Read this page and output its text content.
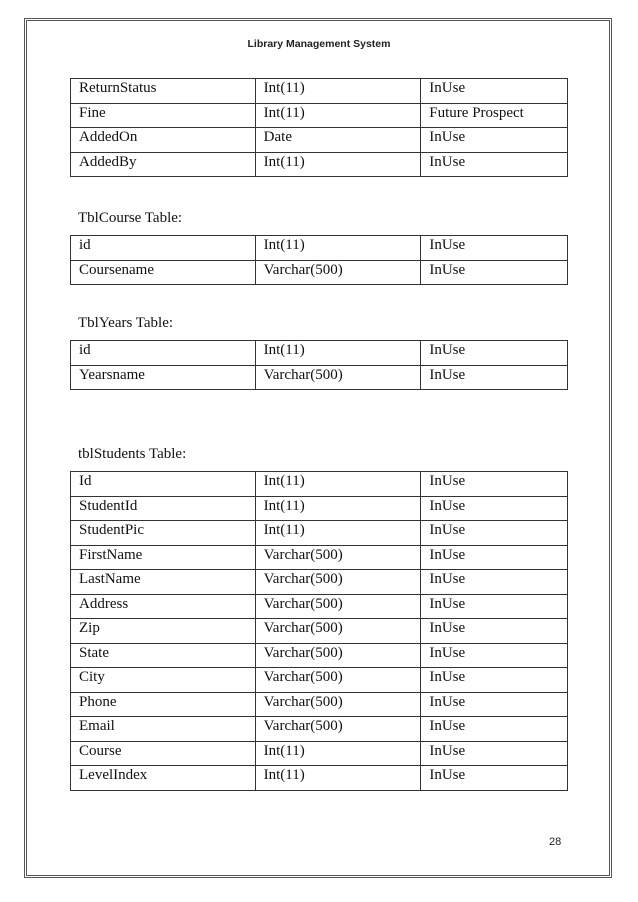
Library Management System
ReturnStatus	Int(11)	InUse
Fine	Int(11)	Future Prospect
AddedOn	Date	InUse
AddedBy	Int(11)	InUse
TblCourse Table:
id	Int(11)	InUse
Coursename	Varchar(500)	InUse
TblYears Table:
id	Int(11)	InUse
Yearsname	Varchar(500)	InUse
tblStudents Table:
Id	Int(11)	InUse
StudentId	Int(11)	InUse
StudentPic	Int(11)	InUse
FirstName	Varchar(500)	InUse
LastName	Varchar(500)	InUse
Address	Varchar(500)	InUse
Zip	Varchar(500)	InUse
State	Varchar(500)	InUse
City	Varchar(500)	InUse
Phone	Varchar(500)	InUse
Email	Varchar(500)	InUse
Course	Int(11)	InUse
LevelIndex	Int(11)	InUse
28
